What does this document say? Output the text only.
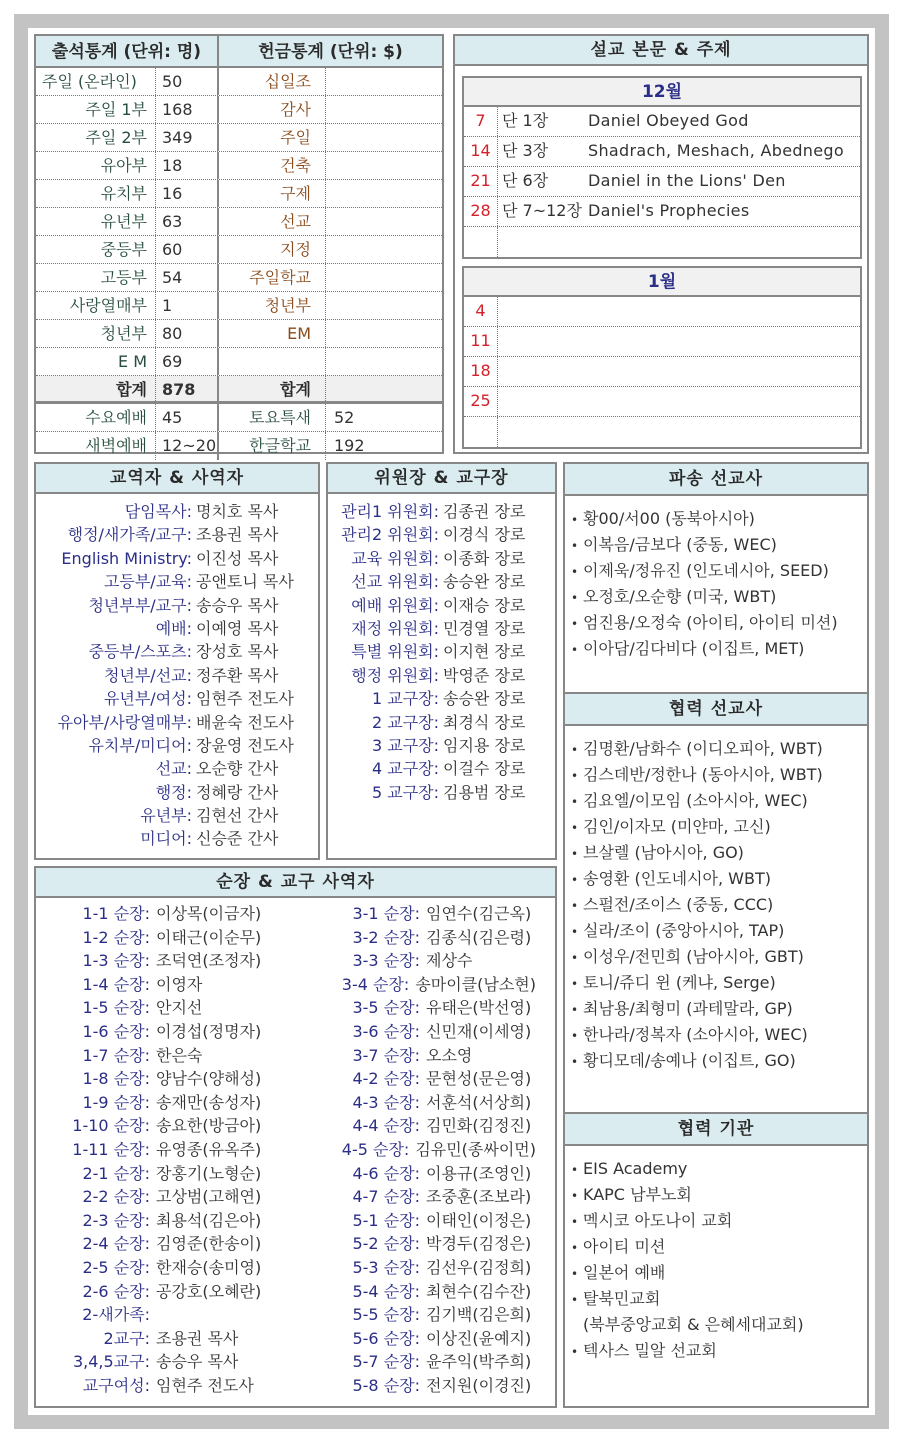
출석통계 (단위: 명)	헌금통계 (단위: $)
주일 (온라인)	50	십일조
주일 1부 168	감사
주일 2부 349	주일
유아부 18	건축
유치부 16	구제
유년부 63	선교
중등부 60	지정
고등부 54	주일학교
사랑열매부 1	청년부
청년부 80	EM
E M 69
합계 878	합계
수요예배 45	토요특새	52
새벽예배 12~20	한글학교	192
설교 본문 & 주제
12월
7	단 1장	Daniel Obeyed God
14 단 3장	Shadrach, Meshach, Abednego
21 단 6장	Daniel in the Lions' Den
28 단 7~12장 Daniel's Prophecies
1월
4
11
18
25
교역자 & 사역자
담임목사: 명치호 목사
행정/새가족/교구: 조용권 목사
English Ministry: 이진성 목사
고등부/교육: 공앤토니 목사
청년부부/교구: 송승우 목사
예배: 이예영 목사
중등부/스포츠: 장성호 목사
청년부/선교: 정주환 목사
유년부/여성: 임현주 전도사
유아부/사랑열매부: 배윤숙 전도사
유치부/미디어: 장윤영 전도사
선교: 오순향 간사
행정: 정혜랑 간사
유년부: 김현선 간사
미디어: 신승준 간사
위원장 & 교구장
관리1 위원회: 김종권 장로
관리2 위원회: 이경식 장로
교육 위원회: 이종화 장로
선교 위원회: 송승완 장로
예배 위원회: 이재승 장로
재정 위원회: 민경열 장로
특별 위원회: 이지현 장로
행정 위원회: 박영준 장로
1 교구장: 송승완 장로
2 교구장: 최경식 장로
3 교구장: 임지용 장로
4 교구장: 이걸수 장로
5 교구장: 김용범 장로
순장 & 교구 사역자
1-1 순장: 이상목(이금자)
1-2 순장: 이태근(이순무)
1-3 순장: 조덕연(조정자)
1-4 순장: 이영자
1-5 순장: 안지선
1-6 순장: 이경섭(정명자)
1-7 순장: 한은숙
1-8 순장: 양남수(양해성)
1-9 순장: 송재만(송성자)
1-10 순장: 송요한(방금아)
1-11 순장: 유영종(유옥주)
2-1 순장: 장홍기(노형순)
2-2 순장: 고상범(고해연)
2-3 순장: 최용석(김은아)
2-4 순장: 김영준(한송이)
2-5 순장: 한재승(송미영)
2-6 순장: 공강호(오혜란)
2-새가족:
2교구: 조용권 목사
3,4,5교구: 송승우 목사
교구여성: 임현주 전도사
3-1 순장: 임연수(김근옥)
3-2 순장: 김종식(김은령)
3-3 순장: 제상수
3-4 순장: 송마이클(남소현)
3-5 순장: 유태은(박선영)
3-6 순장: 신민재(이세영)
3-7 순장: 오소영
4-2 순장: 문현성(문은영)
4-3 순장: 서훈석(서상희)
4-4 순장: 김민화(김정진)
4-5 순장: 김유민(종싸이먼)
4-6 순장: 이용규(조영인)
4-7 순장: 조중훈(조보라)
5-1 순장: 이태인(이정은)
5-2 순장: 박경두(김정은)
5-3 순장: 김선우(김정희)
5-4 순장: 최현수(김수잔)
5-5 순장: 김기백(김은희)
5-6 순장: 이상진(윤예지)
5-7 순장: 윤주익(박주희)
5-8 순장: 전지원(이경진)
파송 선교사
• 황00/서00 (동북아시아)
• 이복음/금보다 (중동, WEC)
• 이제욱/정유진 (인도네시아, SEED)
• 오정호/오순향 (미국, WBT)
• 엄진용/오정숙 (아이티, 아이티 미션)
• 이아담/김다비다 (이집트, MET)
협력 선교사
• 김명환/남화수 (이디오피아, WBT)
• 김스데반/정한나 (동아시아, WBT)
• 김요엘/이모임 (소아시아, WEC)
• 김인/이자모 (미얀마, 고신)
• 브살렐 (남아시아, GO)
• 송영환 (인도네시아, WBT)
• 스펄전/조이스 (중동, CCC)
• 실라/조이 (중앙아시아, TAP)
• 이성우/전민희 (남아시아, GBT)
• 토니/쥬디 윈 (케냐, Serge)
• 최남용/최형미 (과테말라, GP)
• 한나라/정복자 (소아시아, WEC)
• 황디모데/송예나 (이집트, GO)
협력 기관
• EIS Academy
• KAPC 남부노회
• 멕시코 아도나이 교회
• 아이티 미션
• 일본어 예배
• 탈북민교회
(북부중앙교회 & 은혜세대교회)
• 텍사스 밀알 선교회
